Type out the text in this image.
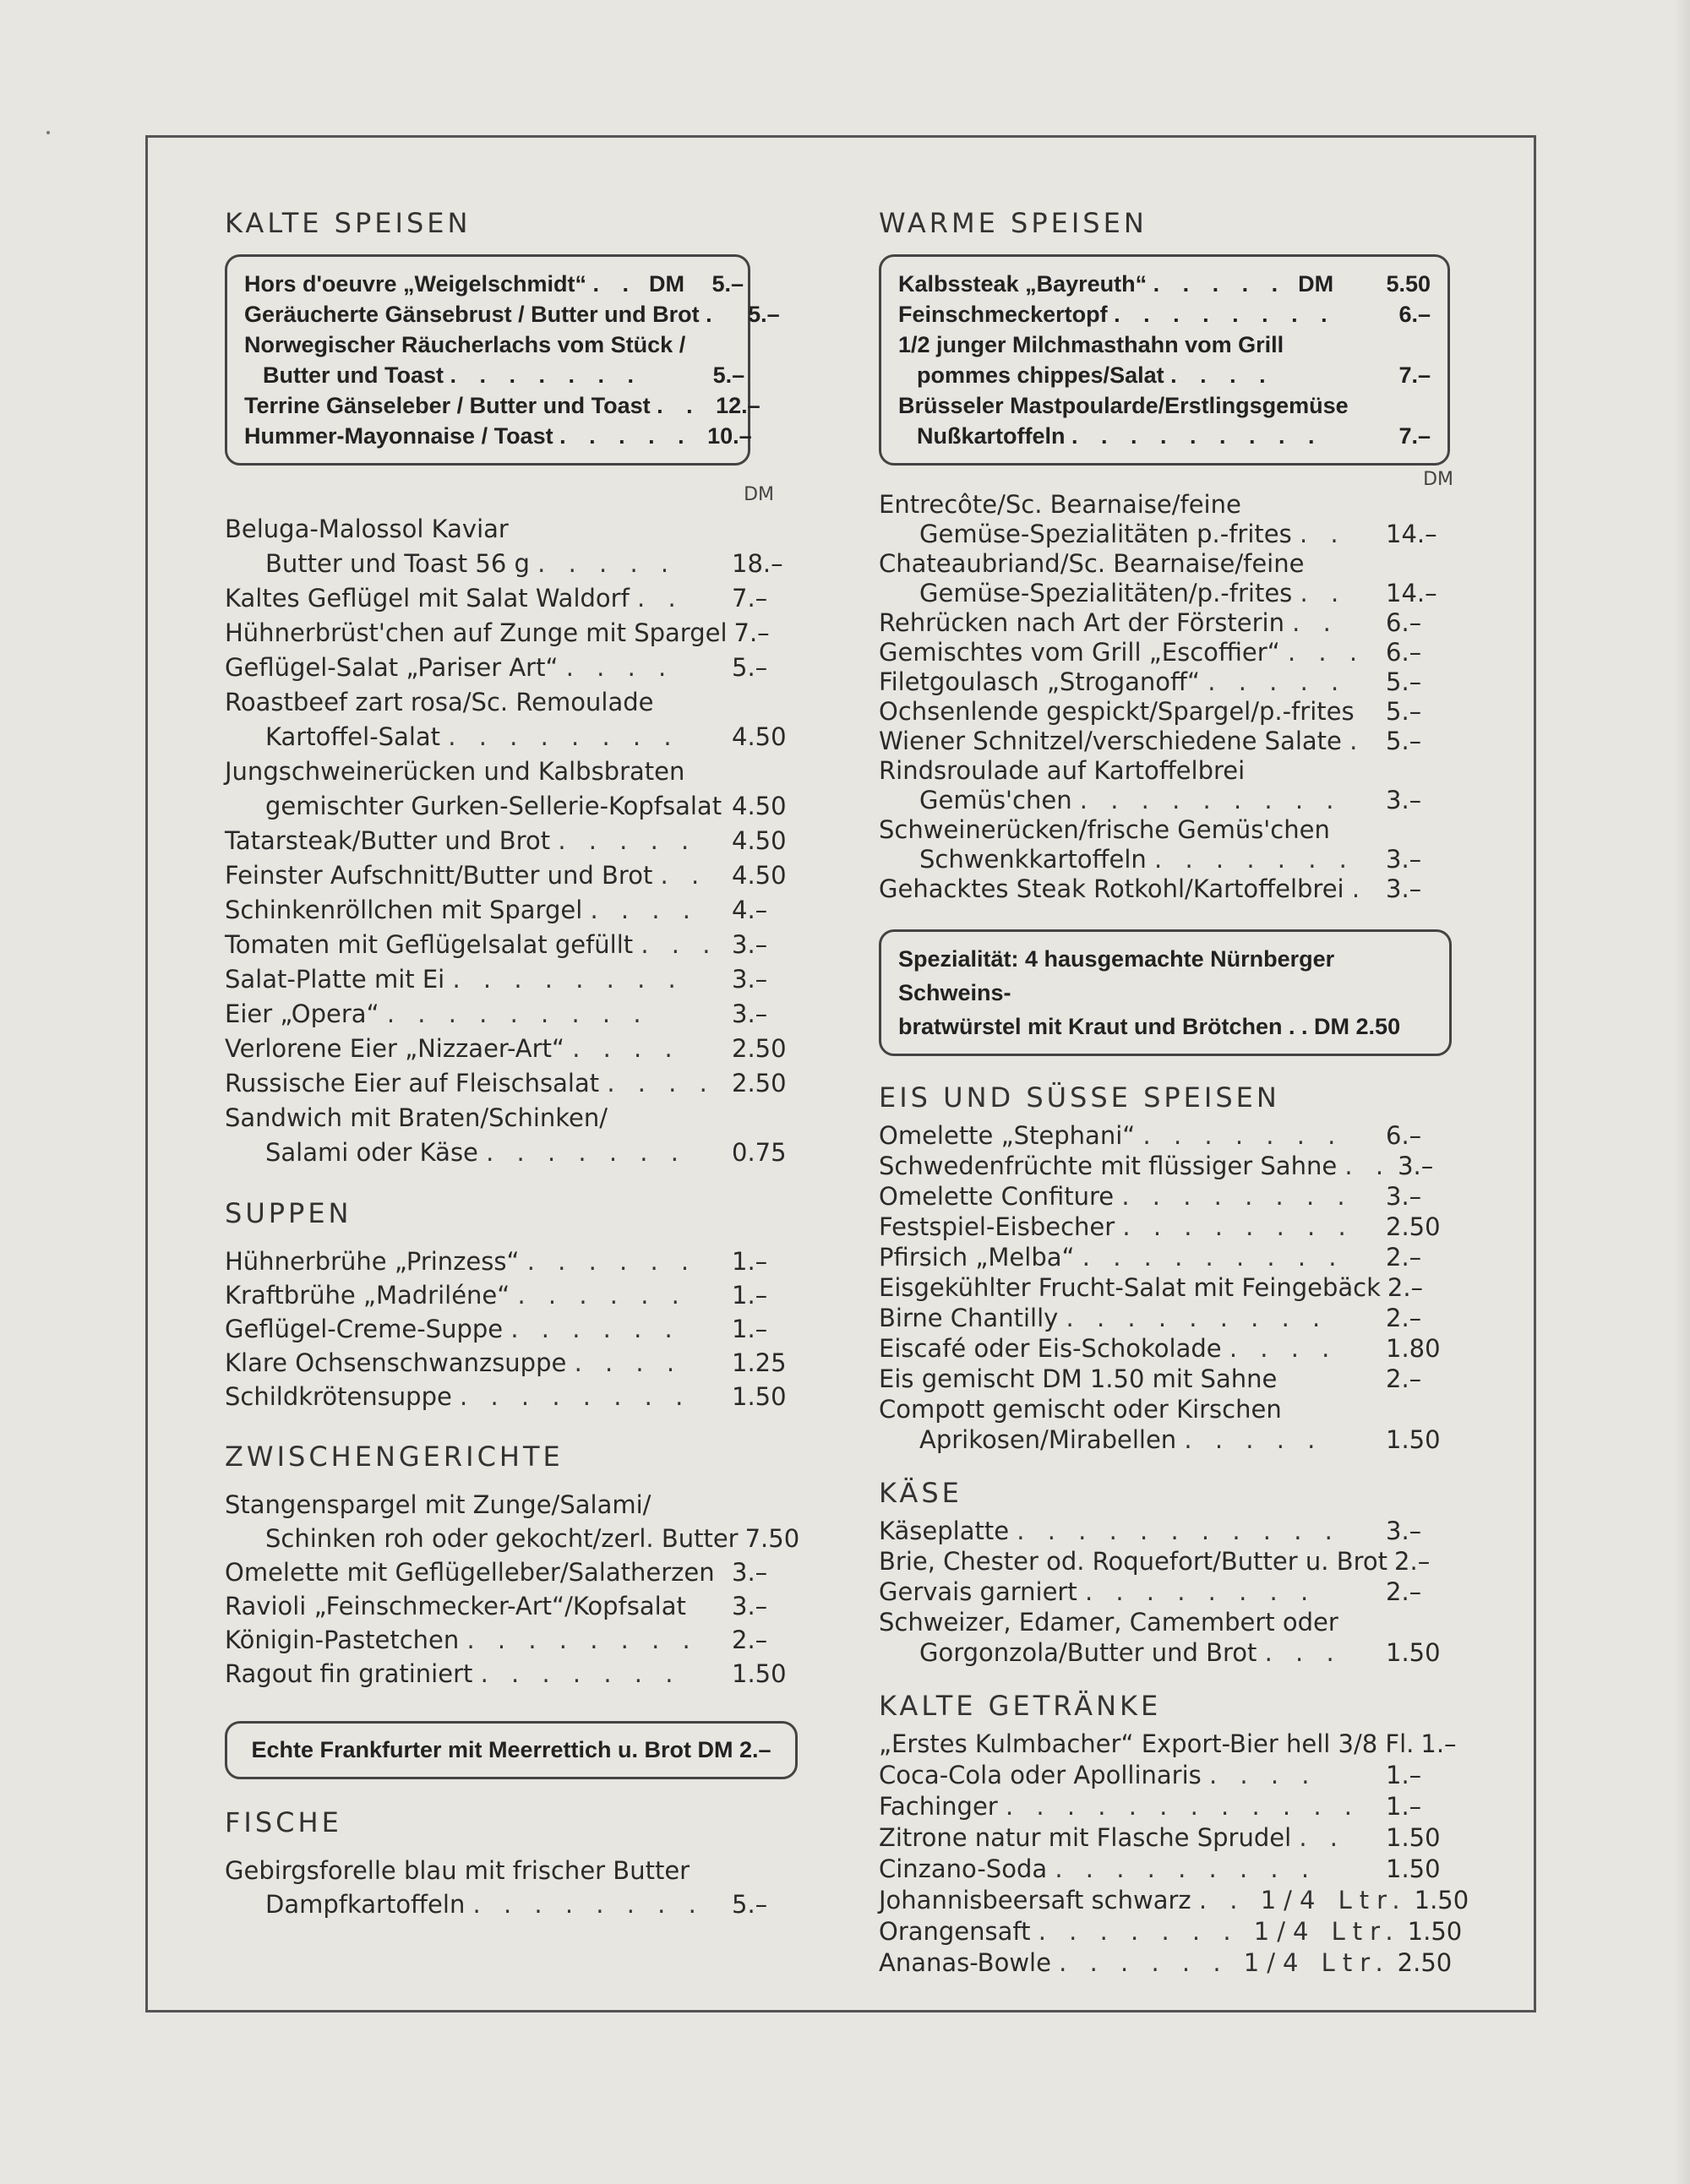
KALTE SPEISEN
Hors d'oeuvre „Weigelschmidt“ . . DM	5.–
Geräucherte Gänsebrust / Butter und Brot .	5.–
Norwegischer Räucherlachs vom Stück /
Butter und Toast . . . . . . .	5.–
Terrine Gänseleber / Butter und Toast . . 12.–
Hummer-Mayonnaise / Toast . . . . . 10.–
DM
Beluga-Malossol Kaviar
Butter und Toast 56 g . . . . .	18.–
Kaltes Geflügel mit Salat Waldorf . .	7.–
Hühnerbrüst'chen auf Zunge mit Spargel 7.–
Geflügel-Salat „Pariser Art“ . . . .	5.–
Roastbeef zart rosa/Sc. Remoulade
Kartoffel-Salat . . . . . . . .	4.50
Jungschweinerücken und Kalbsbraten
gemischter Gurken-Sellerie-Kopfsalat 4.50
Tatarsteak/Butter und Brot . . . . .	4.50
Feinster Aufschnitt/Butter und Brot . .	4.50
Schinkenröllchen mit Spargel . . . .	4.–
Tomaten mit Geflügelsalat gefüllt . . . 3.–
Salat-Platte mit Ei . . . . . . . .	3.–
Eier „Opera“ . . . . . . . . .	3.–
Verlorene Eier „Nizzaer-Art“ . . . .	2.50
Russische Eier auf Fleischsalat . . . . 2.50
Sandwich mit Braten/Schinken/
Salami oder Käse . . . . . . .	0.75
SUPPEN
Hühnerbrühe „Prinzess“ . . . . . .	1.–
Kraftbrühe „Madriléne“ . . . . . .	1.–
Geflügel-Creme-Suppe . . . . . .	1.–
Klare Ochsenschwanzsuppe . . . .	1.25
Schildkrötensuppe . . . . . . . .	1.50
ZWISCHENGERICHTE
Stangenspargel mit Zunge/Salami/
Schinken roh oder gekocht/zerl. Butter 7.50
Omelette mit Geflügelleber/Salatherzen 3.–
Ravioli „Feinschmecker-Art“/Kopfsalat	3.–
Königin-Pastetchen . . . . . . . .	2.–
Ragout fin gratiniert . . . . . . .	1.50
Echte Frankfurter mit Meerrettich u. Brot DM 2.–
FISCHE
Gebirgsforelle blau mit frischer Butter
Dampfkartoffeln . . . . . . . .	5.–
WARME SPEISEN
Kalbssteak „Bayreuth“ . . . . . DM	5.50
Feinschmeckertopf . . . . . . . .	6.–
1/2 junger Milchmasthahn vom Grill
pommes chippes/Salat . . . .	7.–
Brüsseler Mastpoularde/Erstlingsgemüse
Nußkartoffeln . . . . . . . . .	7.–
DM
Entrecôte/Sc. Bearnaise/feine
Gemüse-Spezialitäten p.-frites . .	14.–
Chateaubriand/Sc. Bearnaise/feine
Gemüse-Spezialitäten/p.-frites . .	14.–
Rehrücken nach Art der Försterin . .	6.–
Gemischtes vom Grill „Escoffier“ . . . 6.–
Filetgoulasch „Stroganoff“ . . . . .	5.–
Ochsenlende gespickt/Spargel/p.-frites	5.–
Wiener Schnitzel/verschiedene Salate . 5.–
Rindsroulade auf Kartoffelbrei
Gemüs'chen . . . . . . . . .	3.–
Schweinerücken/frische Gemüs'chen
Schwenkkartoffeln . . . . . . .	3.–
Gehacktes Steak Rotkohl/Kartoffelbrei . 3.–
Spezialität: 4 hausgemachte Nürnberger Schweins-
bratwürstel mit Kraut und Brötchen . . DM 2.50
EIS UND SÜSSE SPEISEN
Omelette „Stephani“ . . . . . . .	6.–
Schwedenfrüchte mit flüssiger Sahne . . 3.–
Omelette Confiture . . . . . . . .	3.–
Festspiel-Eisbecher . . . . . . . .	2.50
Pfirsich „Melba“ . . . . . . . . .	2.–
Eisgekühlter Frucht-Salat mit Feingebäck 2.–
Birne Chantilly . . . . . . . . .	2.–
Eiscafé oder Eis-Schokolade . . . .	1.80
Eis gemischt DM 1.50 mit Sahne	2.–
Compott gemischt oder Kirschen
Aprikosen/Mirabellen . . . . .	1.50
KÄSE
Käseplatte . . . . . . . . . . .	3.–
Brie, Chester od. Roquefort/Butter u. Brot 2.–
Gervais garniert . . . . . . . .	2.–
Schweizer, Edamer, Camembert oder
Gorgonzola/Butter und Brot . . .	1.50
KALTE GETRÄNKE
„Erstes Kulmbacher“ Export-Bier hell 3/8 Fl. 1.–
Coca-Cola oder Apollinaris . . . .	1.–
Fachinger . . . . . . . . . . . .	1.–
Zitrone natur mit Flasche Sprudel . .	1.50
Cinzano-Soda . . . . . . . . .	1.50
Johannisbeersaft schwarz . . 1/4 Ltr. 1.50
Orangensaft . . . . . . . 1/4 Ltr. 1.50
Ananas-Bowle . . . . . . 1/4 Ltr. 2.50
